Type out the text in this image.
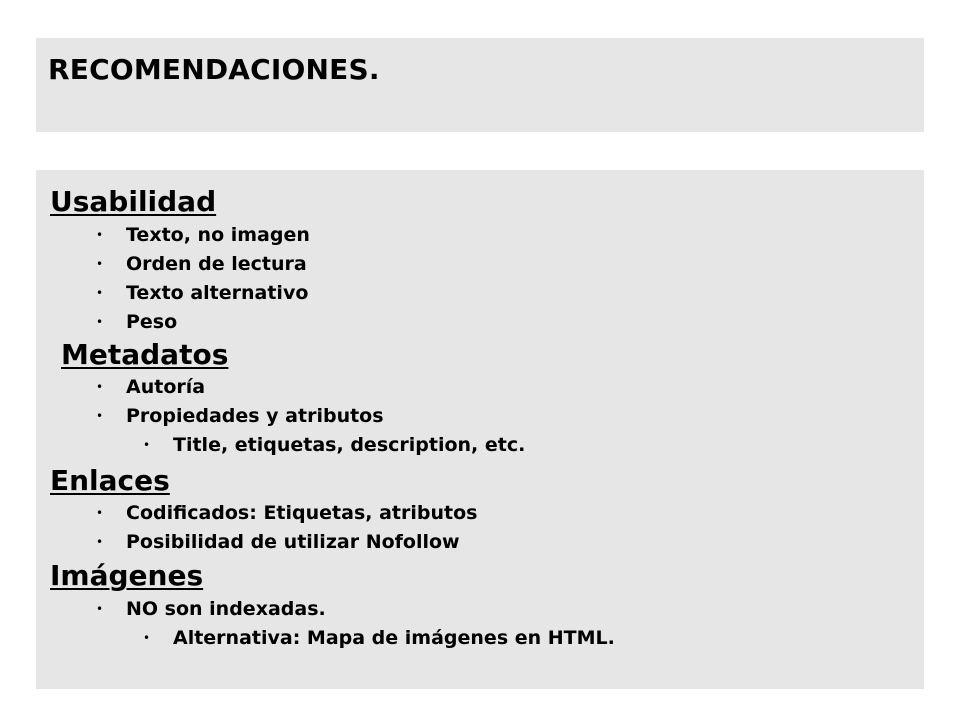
RECOMENDACIONES.
Usabilidad
• Texto, no imagen
• Orden de lectura
• Texto alternativo
• Peso
Metadatos
• Autoría
• Propiedades y atributos
• Title, etiquetas, description, etc.
Enlaces
• Codificados: Etiquetas, atributos
• Posibilidad de utilizar Nofollow
Imágenes
• NO son indexadas.
• Alternativa: Mapa de imágenes en HTML.
